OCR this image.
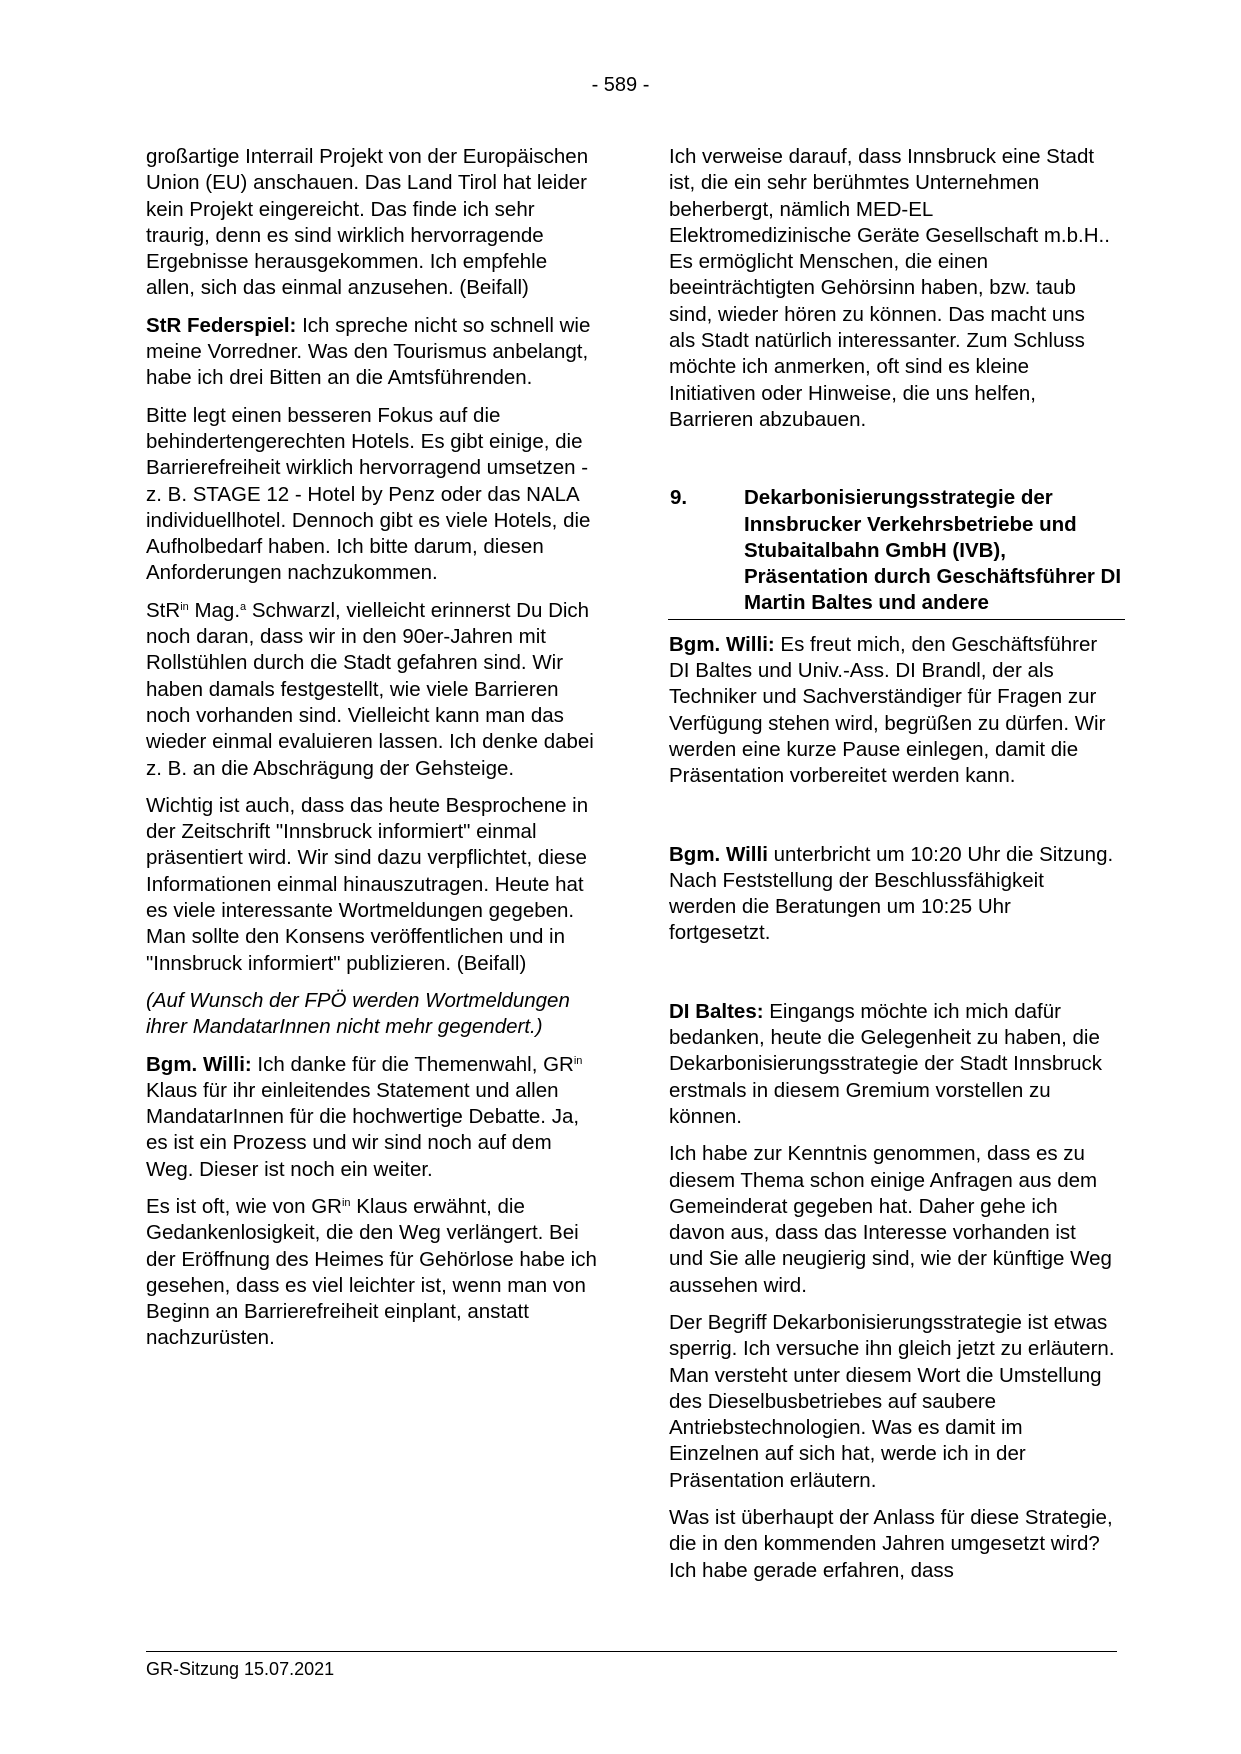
- 589 -

großartige Interrail Projekt von der Europäischen Union (EU) anschauen. Das Land Tirol hat leider kein Projekt eingereicht. Das finde ich sehr traurig, denn es sind wirklich hervorragende Ergebnisse herausgekommen. Ich empfehle allen, sich das einmal anzusehen. (Beifall)

StR Federspiel: Ich spreche nicht so schnell wie meine Vorredner. Was den Tourismus anbelangt, habe ich drei Bitten an die Amtsführenden.

Bitte legt einen besseren Fokus auf die behindertengerechten Hotels. Es gibt einige, die Barrierefreiheit wirklich hervorragend umsetzen - z. B. STAGE 12 - Hotel by Penz oder das NALA individuellhotel. Dennoch gibt es viele Hotels, die Aufholbedarf haben. Ich bitte darum, diesen Anforderungen nachzukommen.

StR$^{in}$ Mag.$^a$ Schwarzl, vielleicht erinnerst Du Dich noch daran, dass wir in den 90er-Jahren mit Rollstühlen durch die Stadt gefahren sind. Wir haben damals festgestellt, wie viele Barrieren noch vorhanden sind. Vielleicht kann man das wieder einmal evaluieren lassen. Ich denke dabei z. B. an die Abschrägung der Gehsteige.

Wichtig ist auch, dass das heute Besprochene in der Zeitschrift "Innsbruck informiert" einmal präsentiert wird. Wir sind dazu verpflichtet, diese Informationen einmal hinauszutragen. Heute hat es viele interessante Wortmeldungen gegeben. Man sollte den Konsens veröffentlichen und in "Innsbruck informiert" publizieren. (Beifall)

(Auf Wunsch der FPÖ werden Wortmeldungen ihrer MandatarInnen nicht mehr gegendert.)

Bgm. Willi: Ich danke für die Themenwahl, $GR^{in}$ Klaus für ihr einleitendes Statement und allen MandatarInnen für die hochwertige Debatte. Ja, es ist ein Prozess und wir sind noch auf dem Weg. Dieser ist noch ein weiter.

Es ist oft, wie von $GR^{in}$ Klaus erwähnt, die Gedankenlosigkeit, die den Weg verlängert. Bei der Eröffnung des Heimes für Gehörlose habe ich gesehen, dass es viel leichter ist, wenn man von Beginn an Barrierefreiheit einplant, anstatt nachzurüsten.

Ich verweise darauf, dass Innsbruck eine Stadt ist, die ein sehr berühmtes Unternehmen beherbergt, nämlich MED-EL Elektromedizinische Geräte Gesellschaft m.b.H.. Es ermöglicht Menschen, die einen beeinträchtigten Gehörsinn haben, bzw. taub sind, wieder hören zu können. Das macht uns als Stadt natürlich interessanter. Zum Schluss möchte ich anmerken, oft sind es kleine Initiativen oder Hinweise, die uns helfen, Barrieren abzubauen.

9.	Dekarbonisierungsstrategie der Innsbrucker Verkehrsbetriebe und Stubaitalbahn GmbH (IVB), Präsentation durch Geschäftsführer DI Martin Baltes und andere

Bgm. Willi: Es freut mich, den Geschäftsführer DI Baltes und Univ.-Ass. DI Brandl, der als Techniker und Sachverständiger für Fragen zur Verfügung stehen wird, begrüßen zu dürfen. Wir werden eine kurze Pause einlegen, damit die Präsentation vorbereitet werden kann.

Bgm. Willi unterbricht um 10:20 Uhr die Sitzung. Nach Feststellung der Beschlussfähigkeit werden die Beratungen um 10:25 Uhr fortgesetzt.

DI Baltes: Eingangs möchte ich mich dafür bedanken, heute die Gelegenheit zu haben, die Dekarbonisierungsstrategie der Stadt Innsbruck erstmals in diesem Gremium vorstellen zu können.

Ich habe zur Kenntnis genommen, dass es zu diesem Thema schon einige Anfragen aus dem Gemeinderat gegeben hat. Daher gehe ich davon aus, dass das Interesse vorhanden ist und Sie alle neugierig sind, wie der künftige Weg aussehen wird.

Der Begriff Dekarbonisierungsstrategie ist etwas sperrig. Ich versuche ihn gleich jetzt zu erläutern. Man versteht unter diesem Wort die Umstellung des Dieselbusbetriebes auf saubere Antriebstechnologien. Was es damit im Einzelnen auf sich hat, werde ich in der Präsentation erläutern.

Was ist überhaupt der Anlass für diese Strategie, die in den kommenden Jahren umgesetzt wird? Ich habe gerade erfahren, dass

GR-Sitzung 15.07.2021
